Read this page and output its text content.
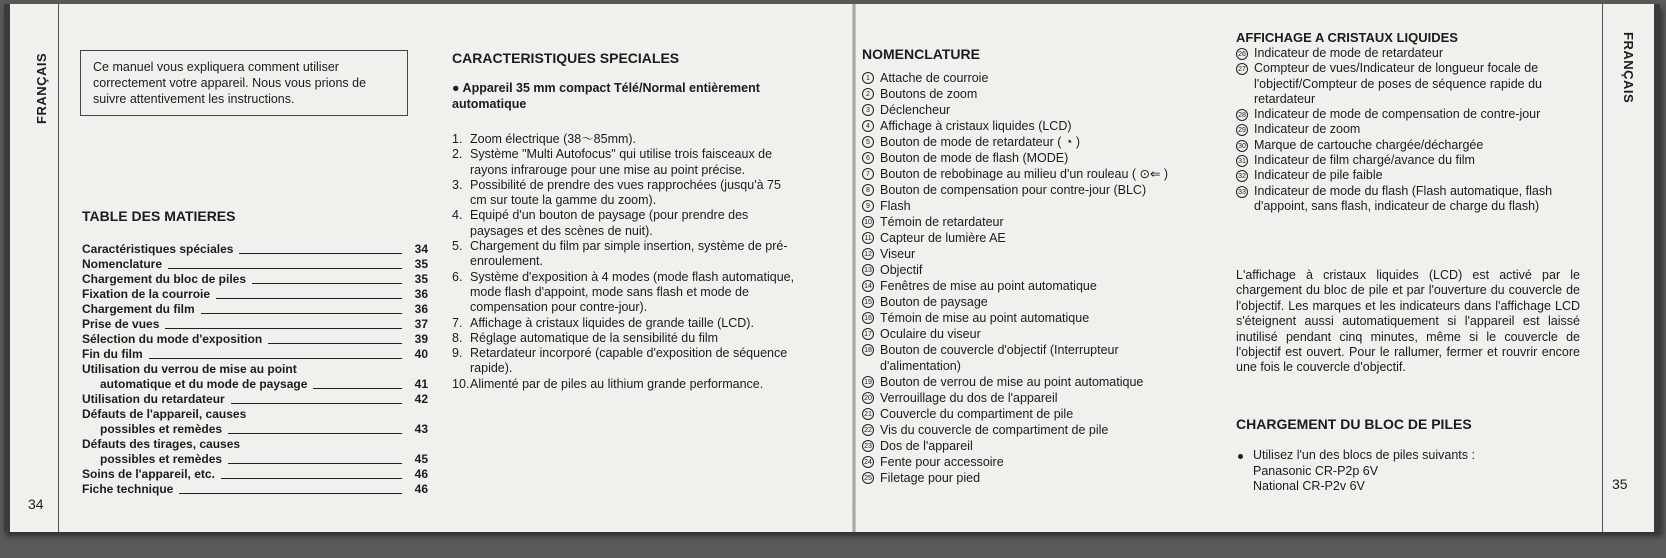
FRANÇAIS
34
FRANÇAIS
35
Ce manuel vous expliquera comment utiliser correctement votre appareil. Nous vous prions de suivre attentivement les instructions.
TABLE DES MATIERES
Caractéristiques spéciales	34
Nomenclature	35
Chargement du bloc de piles	35
Fixation de la courroie	36
Chargement du film	36
Prise de vues	37
Sélection du mode d'exposition	39
Fin du film	40
Utilisation du verrou de mise au point
automatique et du mode de paysage	41
Utilisation du retardateur	42
Défauts de l'appareil, causes
possibles et remèdes	43
Défauts des tirages, causes
possibles et remèdes	45
Soins de l'appareil, etc.	46
Fiche technique	46
CARACTERISTIQUES SPECIALES
● Appareil 35 mm compact Télé/Normal entièrement automatique
1. Zoom électrique (38～85mm).
2. Système "Multi Autofocus" qui utilise trois faisceaux de rayons infrarouge pour une mise au point précise.
3. Possibilité de prendre des vues rapprochées (jusqu'à 75 cm sur toute la gamme du zoom).
4. Equipé d'un bouton de paysage (pour prendre des paysages et des scènes de nuit).
5. Chargement du film par simple insertion, système de pré-enroulement.
6. Système d'exposition à 4 modes (mode flash automatique, mode flash d'appoint, mode sans flash et mode de compensation pour contre-jour).
7. Affichage à cristaux liquides de grande taille (LCD).
8. Réglage automatique de la sensibilité du film
9. Retardateur incorporé (capable d'exposition de séquence rapide).
10. Alimenté par de piles au lithium grande performance.
NOMENCLATURE
1 Attache de courroie
2 Boutons de zoom
3 Déclencheur
4 Affichage à cristaux liquides (LCD)
5 Bouton de mode de retardateur ( ◔ )
6 Bouton de mode de flash (MODE)
7 Bouton de rebobinage au milieu d'un rouleau ( ⊙⇐ )
8 Bouton de compensation pour contre-jour (BLC)
9 Flash
10 Témoin de retardateur
11 Capteur de lumière AE
12 Viseur
13 Objectif
14 Fenêtres de mise au point automatique
15 Bouton de paysage
16 Témoin de mise au point automatique
17 Oculaire du viseur
18 Bouton de couvercle d'objectif (Interrupteur d'alimentation)
19 Bouton de verrou de mise au point automatique
20 Verrouillage du dos de l'appareil
21 Couvercle du compartiment de pile
22 Vis du couvercle de compartiment de pile
23 Dos de l'appareil
24 Fente pour accessoire
25 Filetage pour pied
AFFICHAGE A CRISTAUX LIQUIDES
26 Indicateur de mode de retardateur
27 Compteur de vues/Indicateur de longueur focale de l'objectif/Compteur de poses de séquence rapide du retardateur
28 Indicateur de mode de compensation de contre-jour
29 Indicateur de zoom
30 Marque de cartouche chargée/déchargée
31 Indicateur de film chargé/avance du film
32 Indicateur de pile faible
33 Indicateur de mode du flash (Flash automatique, flash d'appoint, sans flash, indicateur de charge du flash)
L'affichage à cristaux liquides (LCD) est activé par le chargement du bloc de pile et par l'ouverture du couvercle de l'objectif. Les marques et les indicateurs dans l'affichage LCD s'éteignent aussi automatiquement si l'appareil est laissé inutilisé pendant cinq minutes, même si le couvercle de l'objectif est ouvert. Pour le rallumer, fermer et rouvrir encore une fois le couvercle d'objectif.
CHARGEMENT DU BLOC DE PILES
Utilisez l'un des blocs de piles suivants :
Panasonic CR-P2p 6V
National CR-P2v 6V
